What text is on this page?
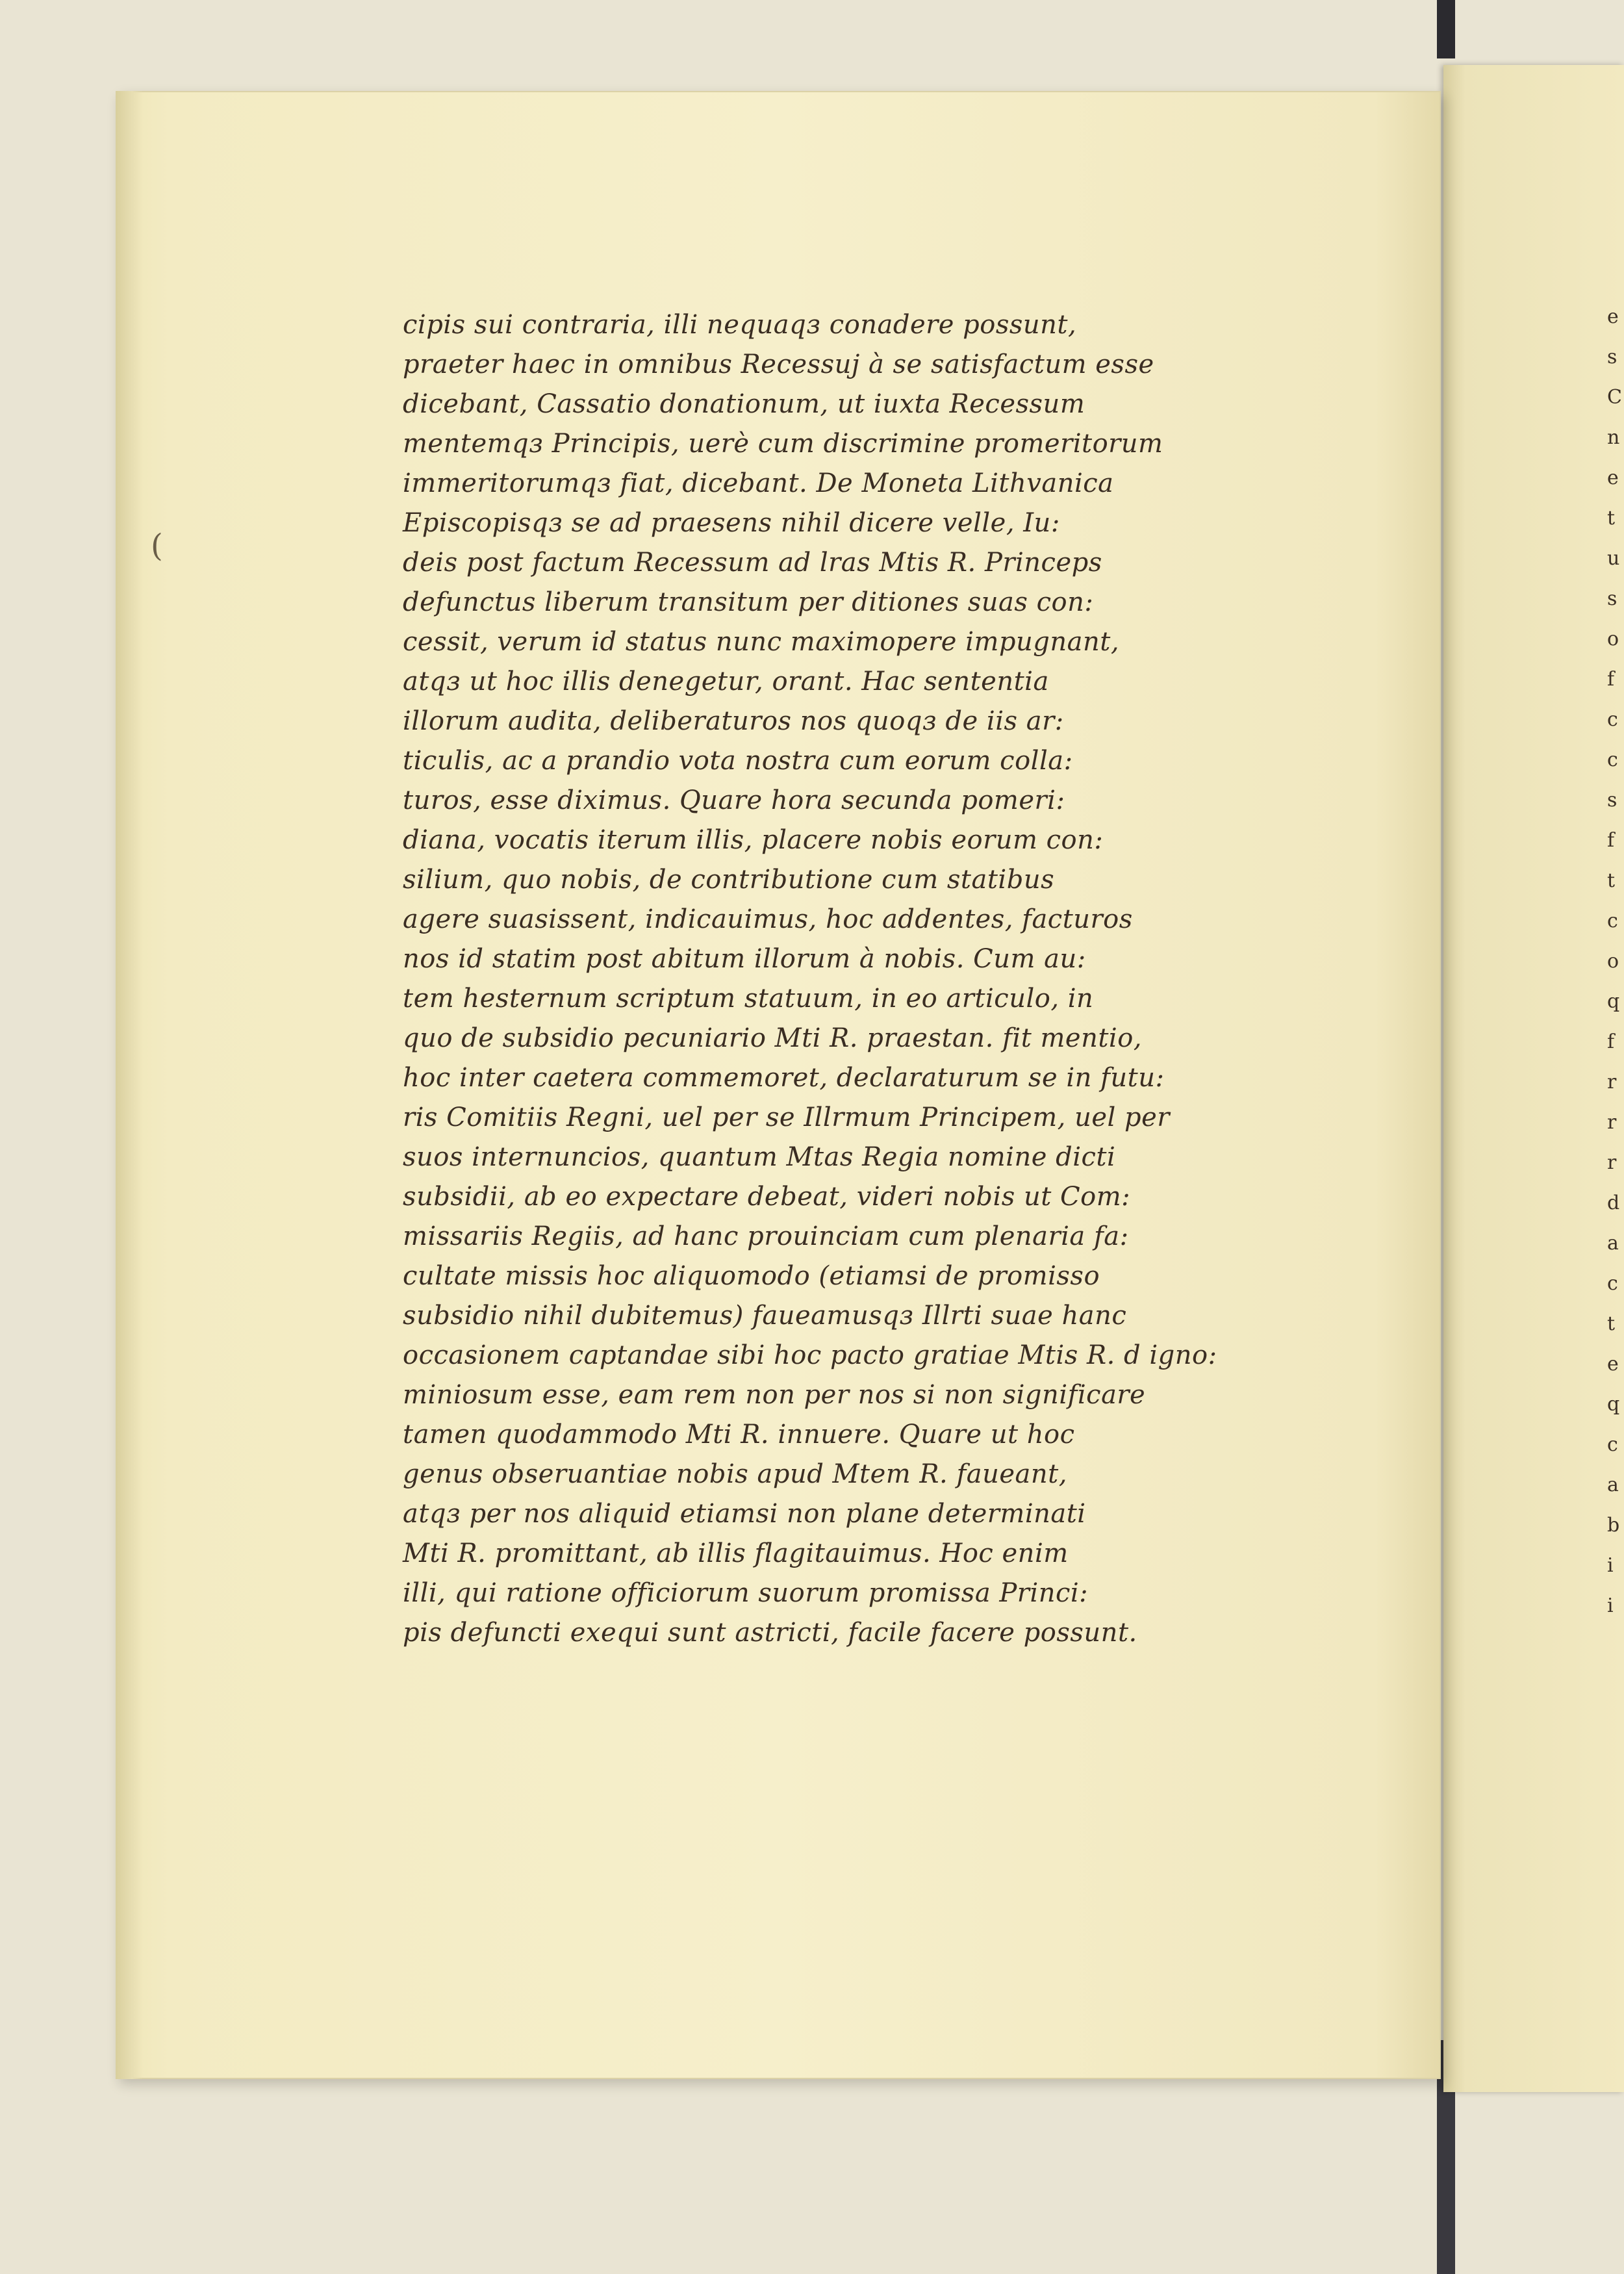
e
s
C
n
e
t
u
s
o
f
c
c
s
f
t
c
o
q
f
r
r
r
d
a
c
t
e
q
c
a
b
i
i
(
cipis sui contraria, illi nequaqз conadere possunt,
praeter haec in omnibus Recessuj à se satisfactum esse
dicebant, Cassatio donationum, ut iuxta Recessum
mentemqз Principis, uerè cum discrimine promeritorum
immeritorumqз fiat, dicebant. De Moneta Lithvanica
Episcopisqз se ad praesens nihil dicere velle, Iu:
deis post factum Recessum ad lras Mtis R. Princeps
defunctus liberum transitum per ditiones suas con:
cessit, verum id status nunc maximopere impugnant,
atqз ut hoc illis denegetur, orant. Hac sententia
illorum audita, deliberaturos nos quoqз de iis ar:
ticulis, ac a prandio vota nostra cum eorum colla:
turos, esse diximus. Quare hora secunda pomeri:
diana, vocatis iterum illis, placere nobis eorum con:
silium, quo nobis, de contributione cum statibus
agere suasissent, indicauimus, hoc addentes, facturos
nos id statim post abitum illorum à nobis. Cum au:
tem hesternum scriptum statuum, in eo articulo, in
quo de subsidio pecuniario Mti R. praestan. fit mentio,
hoc inter caetera commemoret, declaraturum se in futu:
ris Comitiis Regni, uel per se Illrmum Principem, uel per
suos internuncios, quantum Mtas Regia nomine dicti
subsidii, ab eo expectare debeat, videri nobis ut Com:
missariis Regiis, ad hanc prouinciam cum plenaria fa:
cultate missis hoc aliquomodo (etiamsi de promisso
subsidio nihil dubitemus) faueamusqз Illrti suae hanc
occasionem captandae sibi hoc pacto gratiae Mtis R. d igno:
miniosum esse, eam rem non per nos si non significare
tamen quodammodo Mti R. innuere. Quare ut hoc
genus obseruantiae nobis apud Mtem R. faueant,
atqз per nos aliquid etiamsi non plane determinati
Mti R. promittant, ab illis flagitauimus. Hoc enim
illi, qui ratione officiorum suorum promissa Princi:
pis defuncti exequi sunt astricti, facile facere possunt.
